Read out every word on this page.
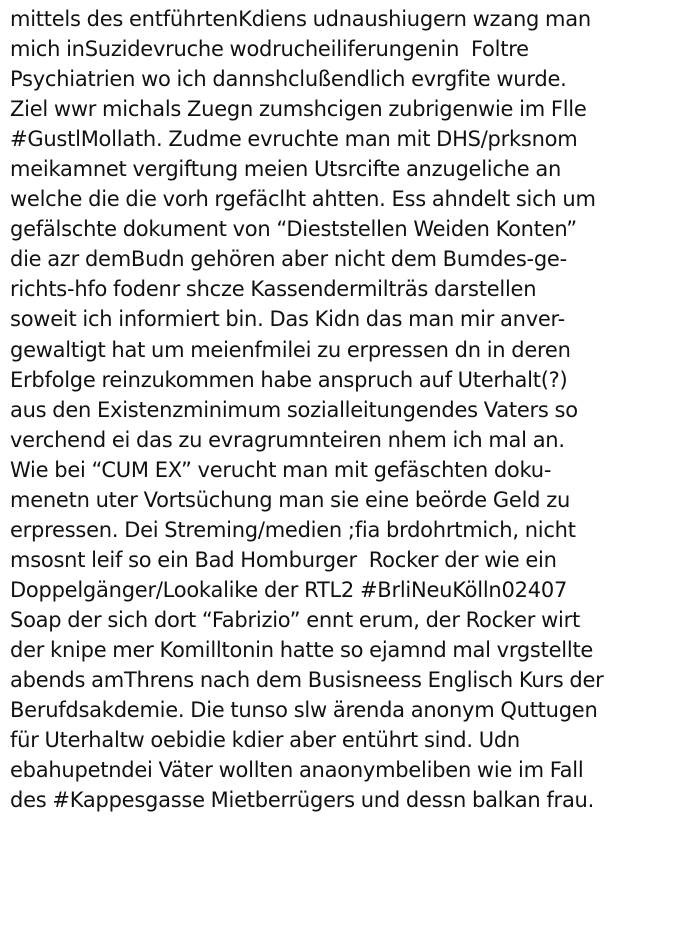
mittels des entführtenKdiens udnaushiugern wzang man
mich inSuzidevruche wodrucheiliferungenin  Foltre
Psychiatrien wo ich dannshclußendlich evrgfite wurde.
Ziel wwr michals Zuegn zumshcigen zubrigenwie im Flle
#GustlMollath. Zudme evruchte man mit DHS/prksnom
meikamnet vergiftung meien Utsrcifte anzugeliche an
welche die die vorh rgefäclht ahtten. Ess ahndelt sich um
gefälschte dokument von “Dieststellen Weiden Konten”
die azr demBudn gehören aber nicht dem Bumdes-ge-
richts-hfo fodenr shcze Kassendermilträs darstellen
soweit ich informiert bin. Das Kidn das man mir anver-
gewaltigt hat um meienfmilei zu erpressen dn in deren
Erbfolge reinzukommen habe anspruch auf Uterhalt(?)
aus den Existenzminimum sozialleitungendes Vaters so
verchend ei das zu evragrumnteiren nhem ich mal an.
Wie bei “CUM EX” verucht man mit gefäschten doku-
menetn uter Vortsüchung man sie eine beörde Geld zu
erpressen. Dei Streming/medien ;fia brdohrtmich, nicht
msosnt leif so ein Bad Homburger  Rocker der wie ein
Doppelgänger/Lookalike der RTL2 #BrliNeuKölln02407
Soap der sich dort “Fabrizio” ennt erum, der Rocker wirt
der knipe mer Komilltonin hatte so ejamnd mal vrgstellte
abends amThrens nach dem Busisneess Englisch Kurs der
Berufdsakdemie. Die tunso slw ärenda anonym Quttugen
für Uterhaltw oebidie kdier aber entührt sind. Udn
ebahupetndei Väter wollten anaonymbeliben wie im Fall
des #Kappesgasse Mietberrügers und dessn balkan frau.
